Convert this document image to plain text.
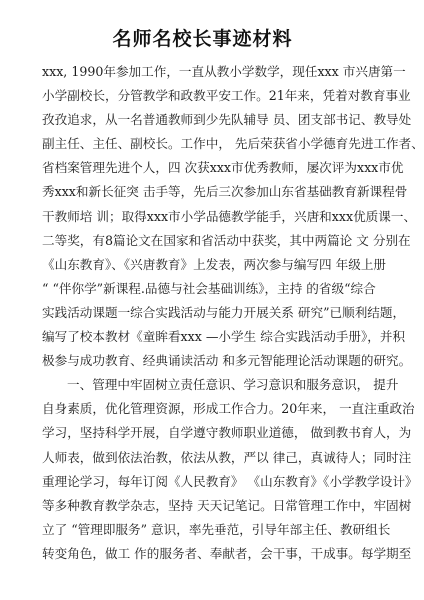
名师名校长事迹材料
xxx, 1990年参加工作，一直从教小学数学，现任xxx 市兴唐第一
小学副校长，分管教学和政教平安工作。21年来，凭着对教育事业
孜孜追求，从一名普通教师到少先队辅导 员、团支部书记、教导处
副主任、主任、副校长。工作中， 先后荣获省小学德育先进工作者、
省档案管理先进个人，四 次获xxx市优秀教师，屡次评为xxx市优
秀xxx和新长征突 击手等，先后三次参加山东省基础教育新课程骨
干教师培 训；取得xxx市小学品德教学能手，兴唐和xxx优质课一、
二等奖，有8篇论文在国家和省活动中获奖，其中两篇论 文 分别在
《山东教育》、《兴唐教育》上发表，两次参与编写四 年级上册
“ “伴你学”新课程.品德与社会基础训练》，主持 的省级“综合
实践活动课题一综合实践活动与能力开展关系 研究”已顺利结题，
编写了校本教材《童眸看xxx —小学生 综合实践活动手册》，并积
极参与成功教育、经典诵读活动 和多元智能理论活动课题的研究。
一、管理中牢固树立责任意识、学习意识和服务意识， 提升
自身素质，优化管理资源，形成工作合力。20年来， 一直注重政治
学习，坚持科学开展，自学遵守教师职业道德， 做到教书育人，为
人师表，做到依法治教，依法从教，严以 律己，真诚待人；同时注
重理论学习，每年订阅《人民教育》 《山东教育》《小学教学设计》
等多种教育教学杂志，坚持 天天记笔记。日常管理工作中，牢固树
立了 “管理即服务” 意识，率先垂范，引导年部主任、教研组长
转变角色，做工 作的服务者、奉献者，会干事，干成事。每学期至
